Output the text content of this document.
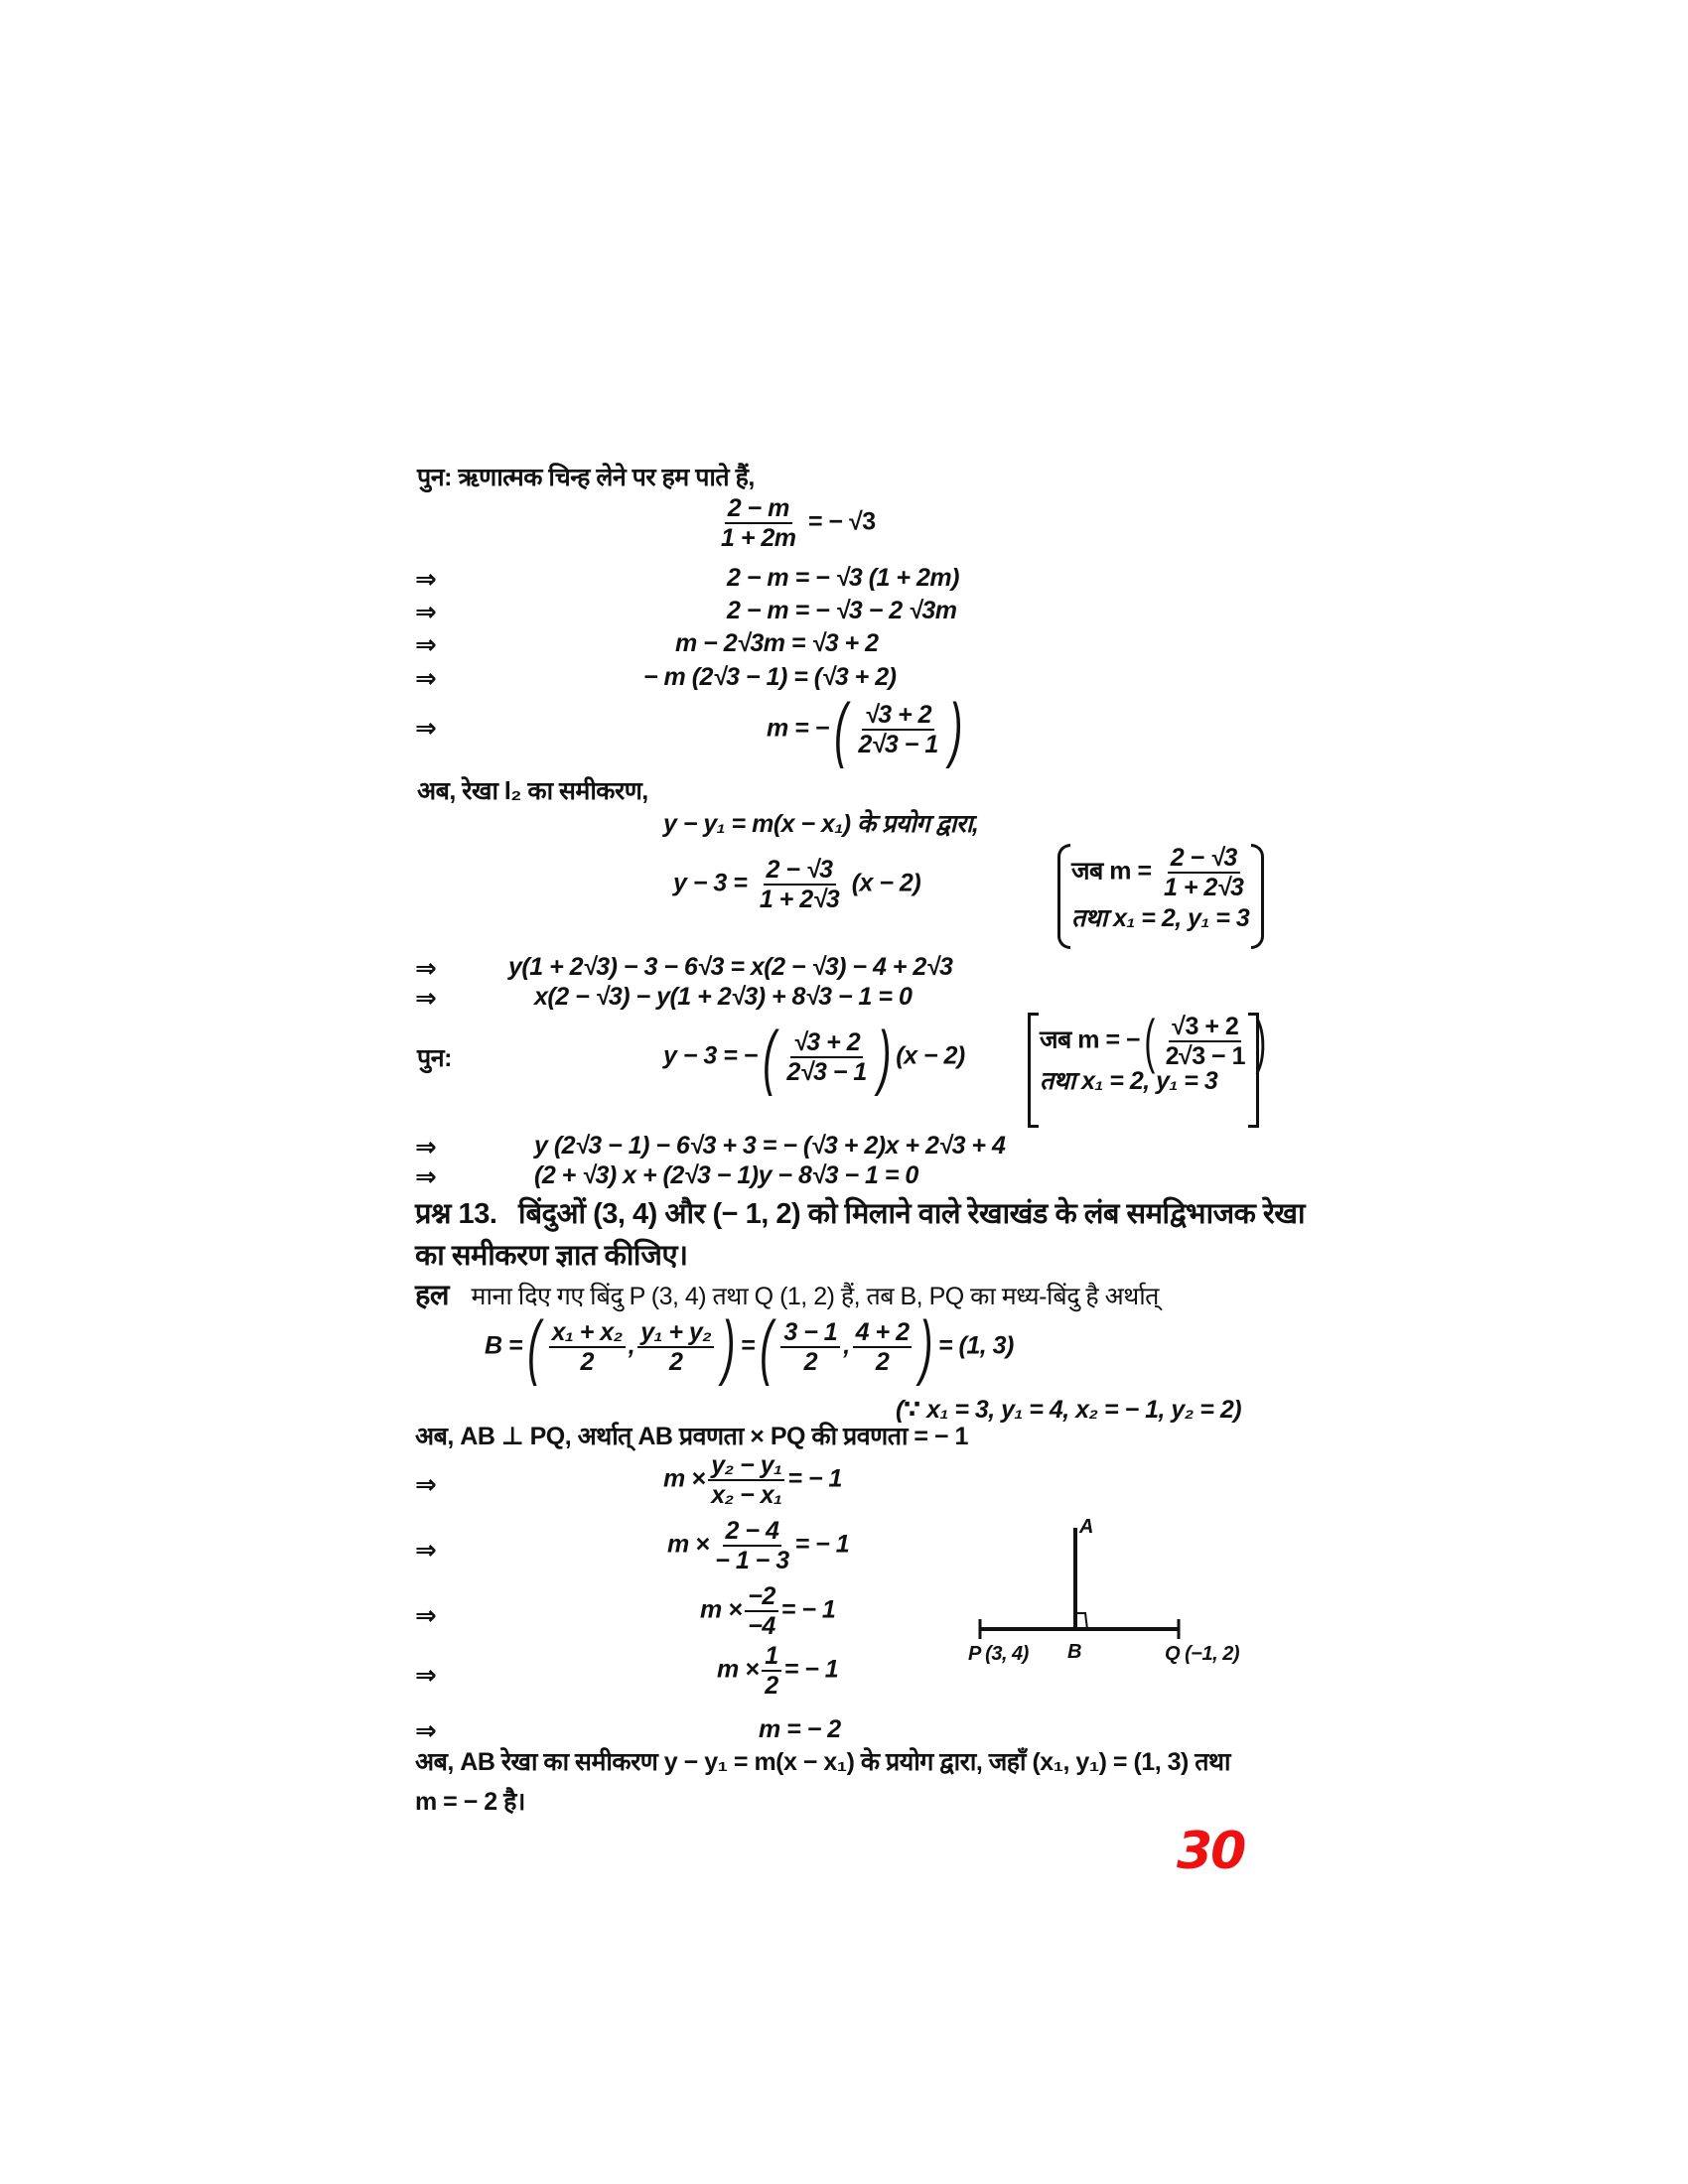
पुन: ऋणात्मक चिन्ह लेने पर हम पाते हैं,
$\frac{2 - m}{1 + 2m}$ = − √3
⇒	2 − m = − √3 (1 + 2m)
⇒	2 − m = − √3 − 2 √3m
⇒	m − 2√3m = √3 + 2
⇒	− m (2√3 − 1) = (√3 + 2)
⇒	m = −( $\frac{√3 + 2}{2√3 - 1}$ )
अब, रेखा l₂ का समीकरण,
y − y₁ = m(x − x₁) के प्रयोग द्वारा,
$y - 3 = \frac{2 - √3}{1 + 2√3} (x - 2)$	जब $m = \frac{2 - √3}{1 + 2√3}$
तथा x₁ = 2, y₁ = 3
⇒	y(1 + 2√3) − 3 − 6√3 = x(2 − √3) − 4 + 2√3
⇒	x(2 − √3) − y(1 + 2√3) + 8√3 − 1 = 0
पुन:	y − 3 = −( $\frac{√3 + 2}{2√3 - 1}$ ) (x − 2)
जब m = −( $\frac{√3 + 2}{2√3 - 1}$ )
तथा x₁ = 2, y₁ = 3
⇒	y (2√3 − 1) − 6√3 + 3 = − (√3 + 2)x + 2√3 + 4
⇒	(2 + √3) x + (2√3 − 1)y − 8√3 − 1 = 0
प्रश्न 13. बिंदुओं (3, 4) और (− 1, 2) को मिलाने वाले रेखाखंड के लंब समद्विभाजक रेखा
का समीकरण ज्ञात कीजिए।
हल माना दिए गए बिंदु P (3, 4) तथा Q (1, 2) हैं, तब B, PQ का मध्य-बिंदु है अर्थात्
B =( $\frac{\text{x₁ + x₂}}{2}$ , $\frac{\text{y₁ + y₂}}{2}$ ) =( $\frac{3 - 1}{2}$ , $\frac{4 + 2}{2}$ ) = (1, 3)
(∵ x₁ = 3, y₁ = 4, x₂ = − 1, y₂ = 2)
अब, AB ⊥ PQ, अर्थात् AB प्रवणता × PQ की प्रवणता = − 1
⇒	$m \times \frac{\text{y₂ − y₁}}{\text{x₂ − x₁}}$ = − 1
⇒	$m \times \frac{2 - 4}{- 1 - 3}$ = − 1
⇒	$m \times \frac{-2}{-4}$ = − 1
⇒	$m \times \frac{1}{2}$ = − 1
⇒	m = − 2
अब, AB रेखा का समीकरण y − y₁ = m(x − x₁) के प्रयोग द्वारा, जहाँ (x₁, y₁) = (1, 3) तथा
m = − 2 है।
A
B
P (3, 4)	Q (−1, 2)
30
